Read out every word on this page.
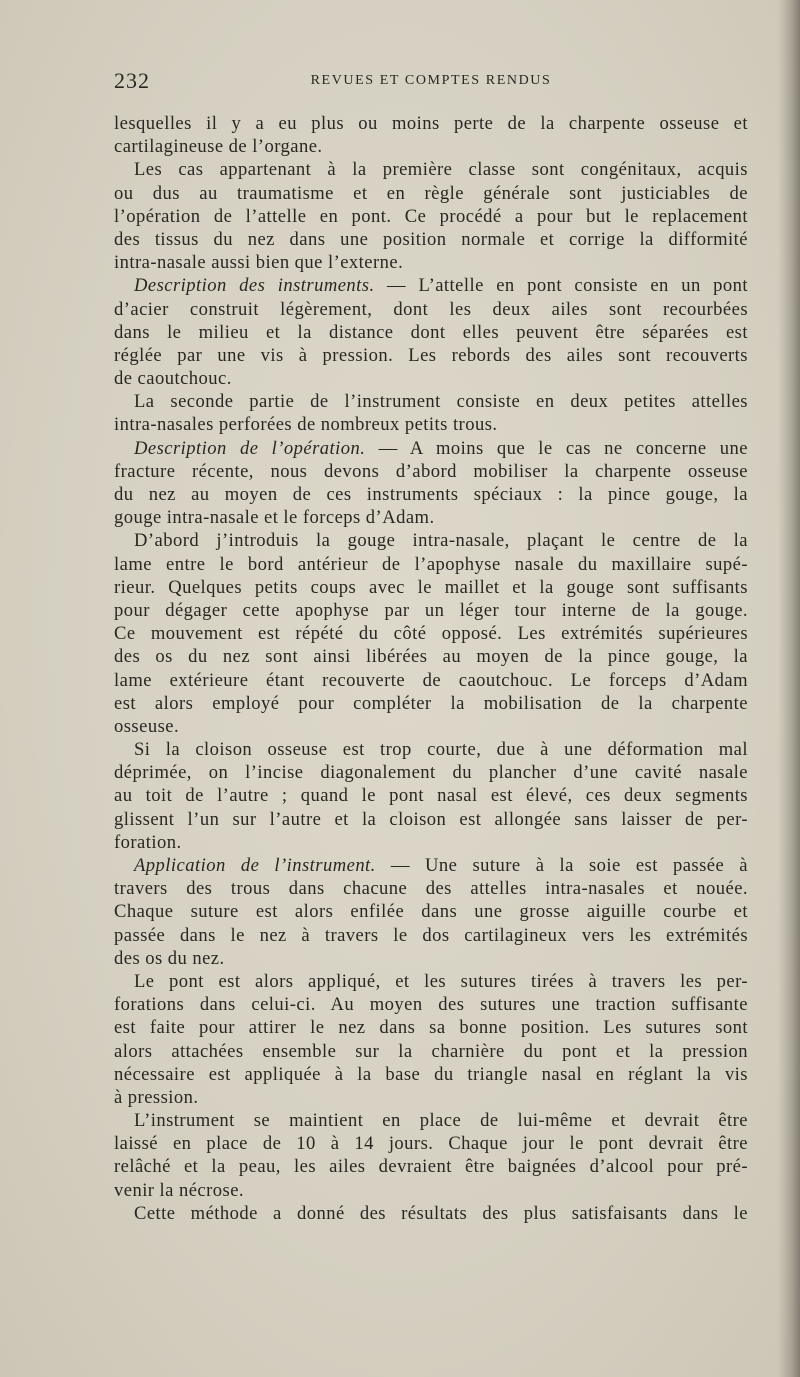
232	REVUES ET COMPTES RENDUS
lesquelles il y a eu plus ou moins perte de la charpente osseuse et
cartilagineuse de l’organe.
Les cas appartenant à la première classe sont congénitaux, acquis
ou dus au traumatisme et en règle générale sont justiciables de
l’opération de l’attelle en pont. Ce procédé a pour but le replacement
des tissus du nez dans une position normale et corrige la difformité
intra-nasale aussi bien que l’externe.
Description des instruments. — L’attelle en pont consiste en un pont
d’acier construit légèrement, dont les deux ailes sont recourbées
dans le milieu et la distance dont elles peuvent être séparées est
réglée par une vis à pression. Les rebords des ailes sont recouverts
de caoutchouc.
La seconde partie de l’instrument consiste en deux petites attelles
intra-nasales perforées de nombreux petits trous.
Description de l’opération. — A moins que le cas ne concerne une
fracture récente, nous devons d’abord mobiliser la charpente osseuse
du nez au moyen de ces instruments spéciaux : la pince gouge, la
gouge intra-nasale et le forceps d’Adam.
D’abord j’introduis la gouge intra-nasale, plaçant le centre de la
lame entre le bord antérieur de l’apophyse nasale du maxillaire supé-
rieur. Quelques petits coups avec le maillet et la gouge sont suffisants
pour dégager cette apophyse par un léger tour interne de la gouge.
Ce mouvement est répété du côté opposé. Les extrémités supérieures
des os du nez sont ainsi libérées au moyen de la pince gouge, la
lame extérieure étant recouverte de caoutchouc. Le forceps d’Adam
est alors employé pour compléter la mobilisation de la charpente
osseuse.
Si la cloison osseuse est trop courte, due à une déformation mal
déprimée, on l’incise diagonalement du plancher d’une cavité nasale
au toit de l’autre ; quand le pont nasal est élevé, ces deux segments
glissent l’un sur l’autre et la cloison est allongée sans laisser de per-
foration.
Application de l’instrument. — Une suture à la soie est passée à
travers des trous dans chacune des attelles intra-nasales et nouée.
Chaque suture est alors enfilée dans une grosse aiguille courbe et
passée dans le nez à travers le dos cartilagineux vers les extrémités
des os du nez.
Le pont est alors appliqué, et les sutures tirées à travers les per-
forations dans celui-ci. Au moyen des sutures une traction suffisante
est faite pour attirer le nez dans sa bonne position. Les sutures sont
alors attachées ensemble sur la charnière du pont et la pression
nécessaire est appliquée à la base du triangle nasal en réglant la vis
à pression.
L’instrument se maintient en place de lui-même et devrait être
laissé en place de 10 à 14 jours. Chaque jour le pont devrait être
relâché et la peau, les ailes devraient être baignées d’alcool pour pré-
venir la nécrose.
Cette méthode a donné des résultats des plus satisfaisants dans le
